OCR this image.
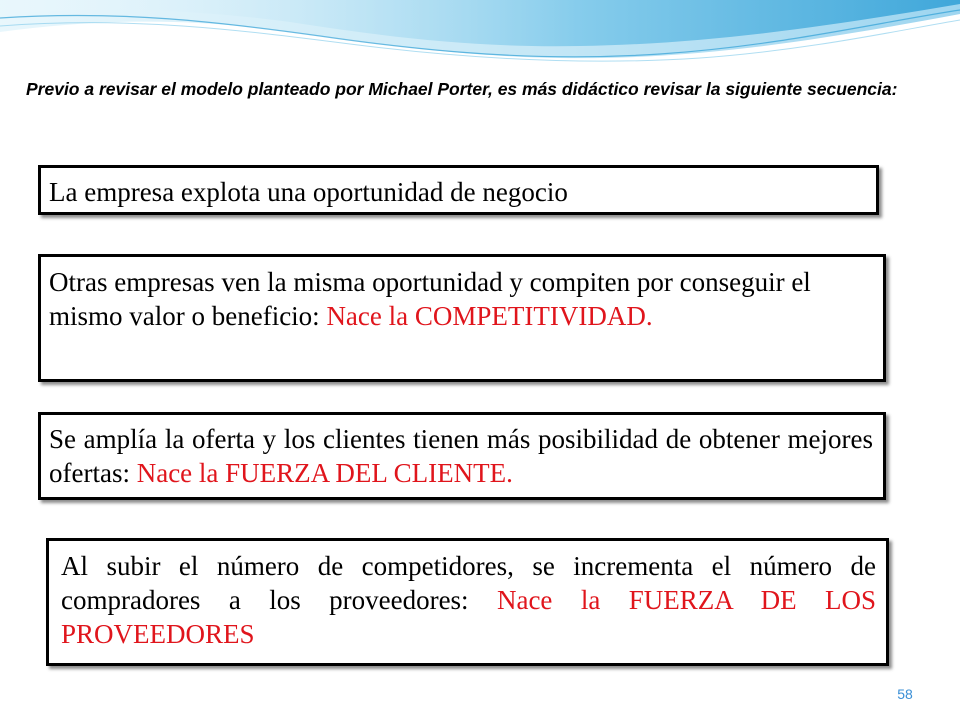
Previo a revisar el modelo planteado por Michael Porter, es más didáctico revisar la siguiente secuencia:

La empresa explota una oportunidad de negocio

Otras empresas ven la misma oportunidad y compiten por conseguir el mismo valor o beneficio: Nace la COMPETITIVIDAD.

Se amplía la oferta y los clientes tienen más posibilidad de obtener mejores ofertas: Nace la FUERZA DEL CLIENTE.

Al subir el número de competidores, se incrementa el número de compradores a los proveedores: Nace la FUERZA DE LOS PROVEEDORES

58
